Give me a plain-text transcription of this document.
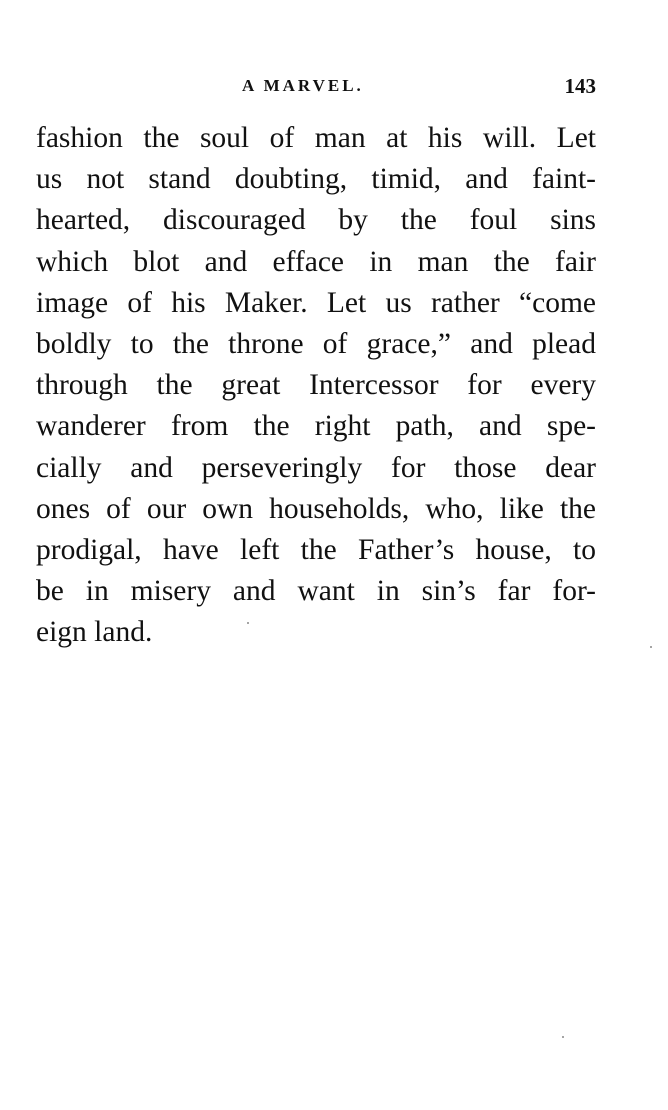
A MARVEL.	143
fashion the soul of man at his will. Let
us not stand doubting, timid, and faint-
hearted, discouraged by the foul sins
which blot and efface in man the fair
image of his Maker. Let us rather “come
boldly to the throne of grace,” and plead
through the great Intercessor for every
wanderer from the right path, and spe-
cially and perseveringly for those dear
ones of our own households, who, like the
prodigal, have left the Father’s house, to
be in misery and want in sin’s far for-
eign land.
